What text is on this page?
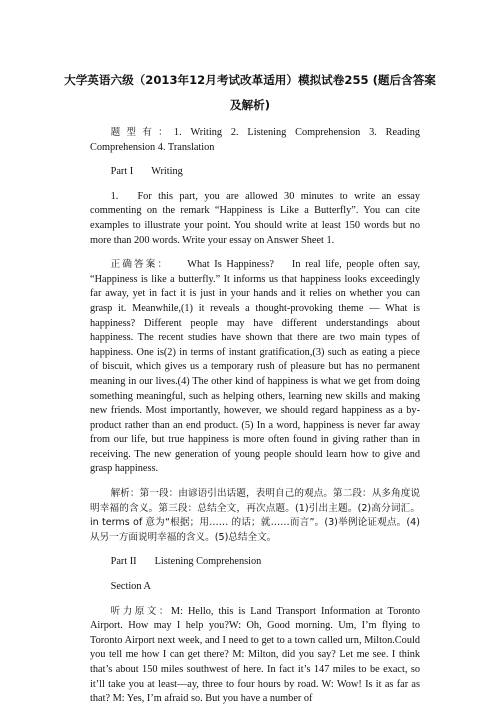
大学英语六级（2013年12月考试改革适用）模拟试卷255 (题后含答案及解析)

题型有：1. Writing 2. Listening Comprehension 3. Reading Comprehension 4. Translation

Part I Writing

1. For this part, you are allowed 30 minutes to write an essay commenting on the remark “Happiness is Like a Butterfly”. You can cite examples to illustrate your point. You should write at least 150 words but no more than 200 words. Write your essay on Answer Sheet 1.

正确答案： What Is Happiness? In real life, people often say, “Happiness is like a butterfly.” It informs us that happiness looks exceedingly far away, yet in fact it is just in your hands and it relies on whether you can grasp it. Meanwhile,(1) it reveals a thought-provoking theme — What is happiness? Different people may have different understandings about happiness. The recent studies have shown that there are two main types of happiness. One is(2) in terms of instant gratification,(3) such as eating a piece of biscuit, which gives us a temporary rush of pleasure but has no permanent meaning in our lives.(4) The other kind of happiness is what we get from doing something meaningful, such as helping others, learning new skills and making new friends. Most importantly, however, we should regard happiness as a by-product rather than an end product. (5) In a word, happiness is never far away from our life, but true happiness is more often found in giving rather than in receiving. The new generation of young people should learn how to give and grasp happiness.

解析：第一段：由谚语引出话题，表明自己的观点。第二段：从多角度说明幸福的含义。第三段：总结全文，再次点题。(1)引出主题。(2)高分词汇。in terms of 意为“根据；用…… 的话；就……而言”。(3)举例论证观点。(4)从另一方面说明幸福的含义。(5)总结全文。

Part II Listening Comprehension

Section A

听力原文：M: Hello, this is Land Transport Information at Toronto Airport. How may I help you?W: Oh, Good morning. Um, I’m flying to Toronto Airport next week, and I need to get to a town called urn, Milton.Could you tell me how I can get there? M: Milton, did you say? Let me see. I think that’s about 150 miles southwest of here. In fact it’s 147 miles to be exact, so it’ll take you at least—ay, three to four hours by road. W: Wow! Is it as far as that? M: Yes, I’m afraid so. But you have a number of
